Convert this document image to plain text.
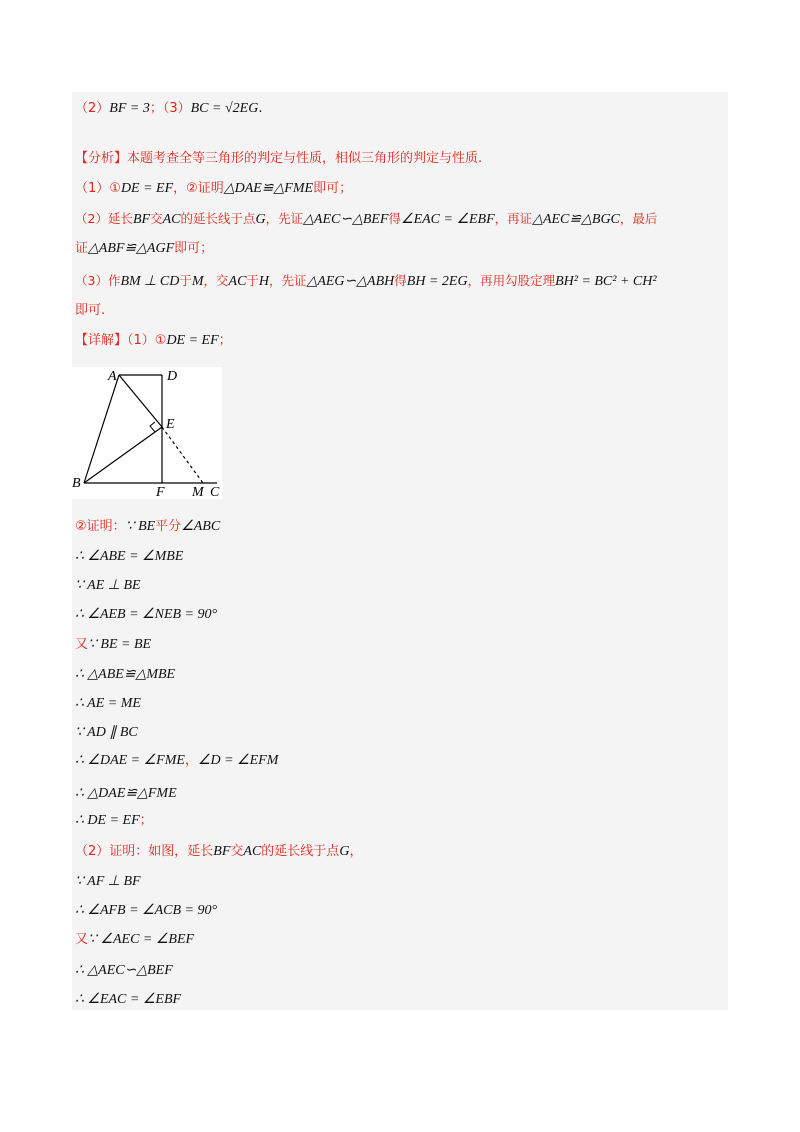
（2）BF = 3；（3）BC = √2EG.
【分析】本题考查全等三角形的判定与性质，相似三角形的判定与性质.
（1）①DE = EF，②证明△DAE≌△FME即可；
（2）延长BF交AC的延长线于点G，先证△AEC∽△BEF得∠EAC = ∠EBF，再证△AEC≌△BGC，最后
证△ABF≌△AGF即可；
（3）作BM ⊥ CD于M，交AC于H，先证△AEG∽△ABH得BH = 2EG，再用勾股定理BH² = BC² + CH²
即可.
【详解】（1）①DE = EF；
A	D
E
B
F M C
②证明：∵ BE平分∠ABC
∴ ∠ABE = ∠MBE
∵ AE ⊥ BE
∴ ∠AEB = ∠NEB = 90°
又∵ BE = BE
∴ △ABE≌△MBE
∴ AE = ME
∵ AD ∥ BC
∴ ∠DAE = ∠FME，∠D = ∠EFM
∴ △DAE≌△FME
∴ DE = EF；
（2）证明：如图，延长BF交AC的延长线于点G，
∵ AF ⊥ BF
∴ ∠AFB = ∠ACB = 90°
又∵ ∠AEC = ∠BEF
∴ △AEC∽△BEF
∴ ∠EAC = ∠EBF
